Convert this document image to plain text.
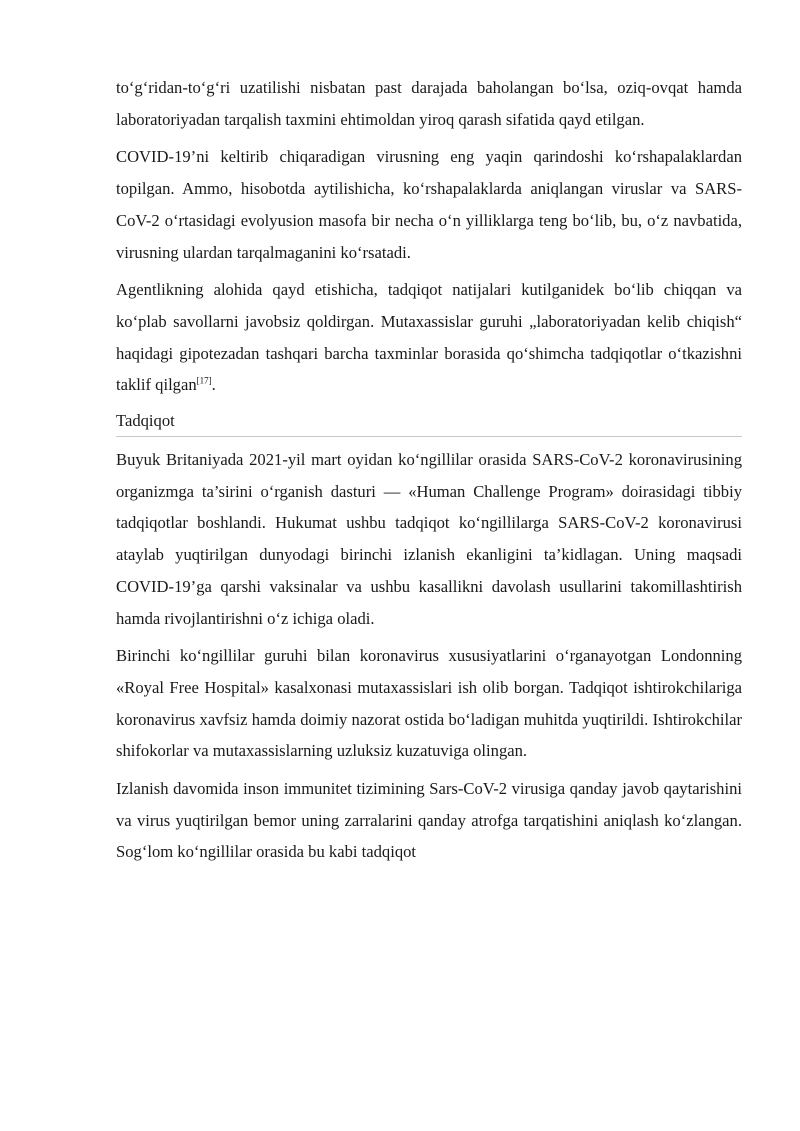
to‘g‘ridan-to‘g‘ri uzatilishi nisbatan past darajada baholangan bo‘lsa, oziq-ovqat hamda laboratoriyadan tarqalish taxmini ehtimoldan yiroq qarash sifatida qayd etilgan.

COVID-19’ni keltirib chiqaradigan virusning eng yaqin qarindoshi ko‘rshapalaklardan topilgan. Ammo, hisobotda aytilishicha, ko‘rshapalaklarda aniqlangan viruslar va SARS-CoV-2 o‘rtasidagi evolyusion masofa bir necha o‘n yilliklarga teng bo‘lib, bu, o‘z navbatida, virusning ulardan tarqalmaganini ko‘rsatadi.

Agentlikning alohida qayd etishicha, tadqiqot natijalari kutilganidek bo‘lib chiqqan va ko‘plab savollarni javobsiz qoldirgan. Mutaxassislar guruhi „laboratoriyadan kelib chiqish“ haqidagi gipotezadan tashqari barcha taxminlar borasida qo‘shimcha tadqiqotlar o‘tkazishni taklif qilgan[17].

Tadqiqot

Buyuk Britaniyada 2021-yil mart oyidan ko‘ngillilar orasida SARS-CoV-2 koronavirusining organizmga ta’sirini o‘rganish dasturi — «Human Challenge Program» doirasidagi tibbiy tadqiqotlar boshlandi. Hukumat ushbu tadqiqot ko‘ngillilarga SARS-CoV-2 koronavirusi ataylab yuqtirilgan dunyodagi birinchi izlanish ekanligini ta’kidlagan. Uning maqsadi COVID-19’ga qarshi vaksinalar va ushbu kasallikni davolash usullarini takomillashtirish hamda rivojlantirishni o‘z ichiga oladi.

Birinchi ko‘ngillilar guruhi bilan koronavirus xususiyatlarini o‘rganayotgan Londonning «Royal Free Hospital» kasalxonasi mutaxassislari ish olib borgan. Tadqiqot ishtirokchilariga koronavirus xavfsiz hamda doimiy nazorat ostida bo‘ladigan muhitda yuqtirildi. Ishtirokchilar shifokorlar va mutaxassislarning uzluksiz kuzatuviga olingan.

Izlanish davomida inson immunitet tizimining Sars-CoV-2 virusiga qanday javob qaytarishini va virus yuqtirilgan bemor uning zarralarini qanday atrofga tarqatishini aniqlash ko‘zlangan. Sog‘lom ko‘ngillilar orasida bu kabi tadqiqot
